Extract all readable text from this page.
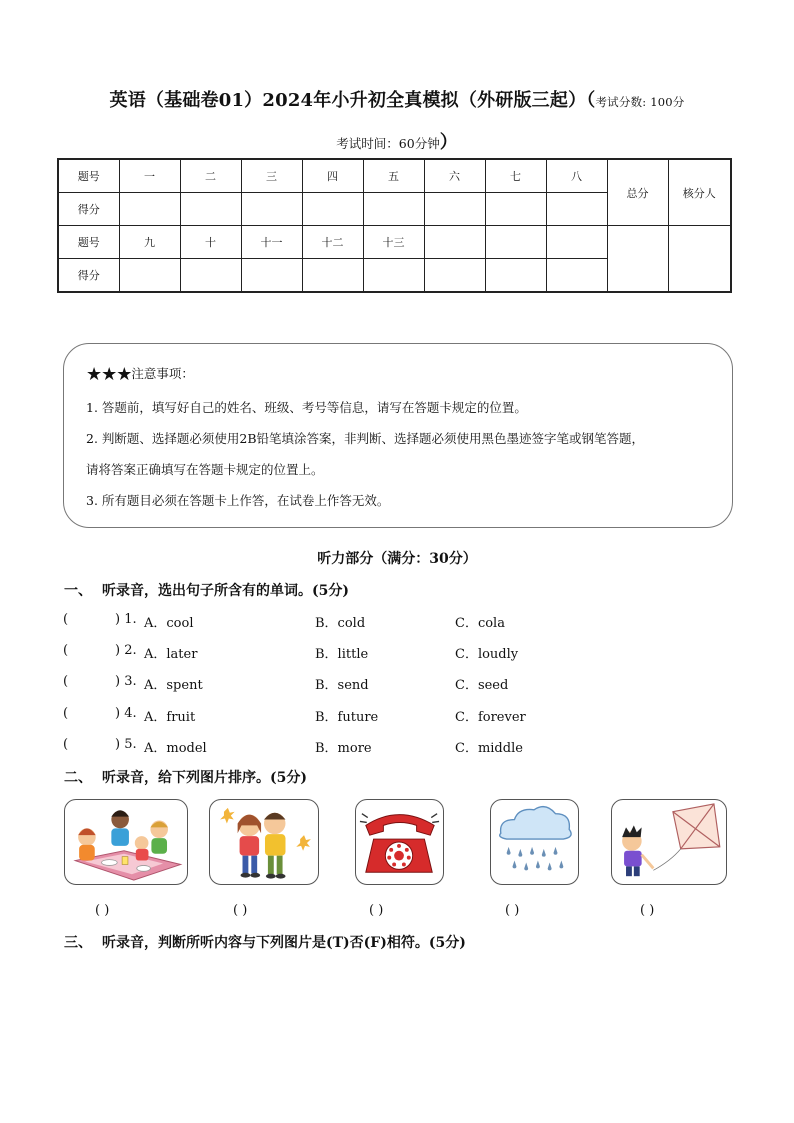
英语（基础卷01）2024年小升初全真模拟（外研版三起）（考试分数: 100分
考试时间：60分钟）
题号	一	二	三	四	五	六	七	八	总分	核分人
得分										
题号	九	十	十一	十二	十三					
得分										
★★★注意事项：
1. 答题前，填写好自己的姓名、班级、考号等信息，请写在答题卡规定的位置。
2. 判断题、选择题必须使用2B铅笔填涂答案，非判断、选择题必须使用黑色墨迹签字笔或钢笔答题，
请将答案正确填写在答题卡规定的位置上。
3. 所有题目必须在答题卡上作答，在试卷上作答无效。
听力部分（满分：30分）
一、 听录音，选出句子所含有的单词。(5分)
(	) 1. A．cool	B．cold	C．cola
(	) 2. A．later	B．little	C．loudly
(	) 3. A．spent	B．send	C．seed
(	) 4. A．fruit	B．future	C．forever
(	) 5. A．model	B．more	C．middle
二、 听录音，给下列图片排序。(5分)
( )	( )	( )	( )	( )
三、 听录音，判断所听内容与下列图片是(T)否(F)相符。(5分)
